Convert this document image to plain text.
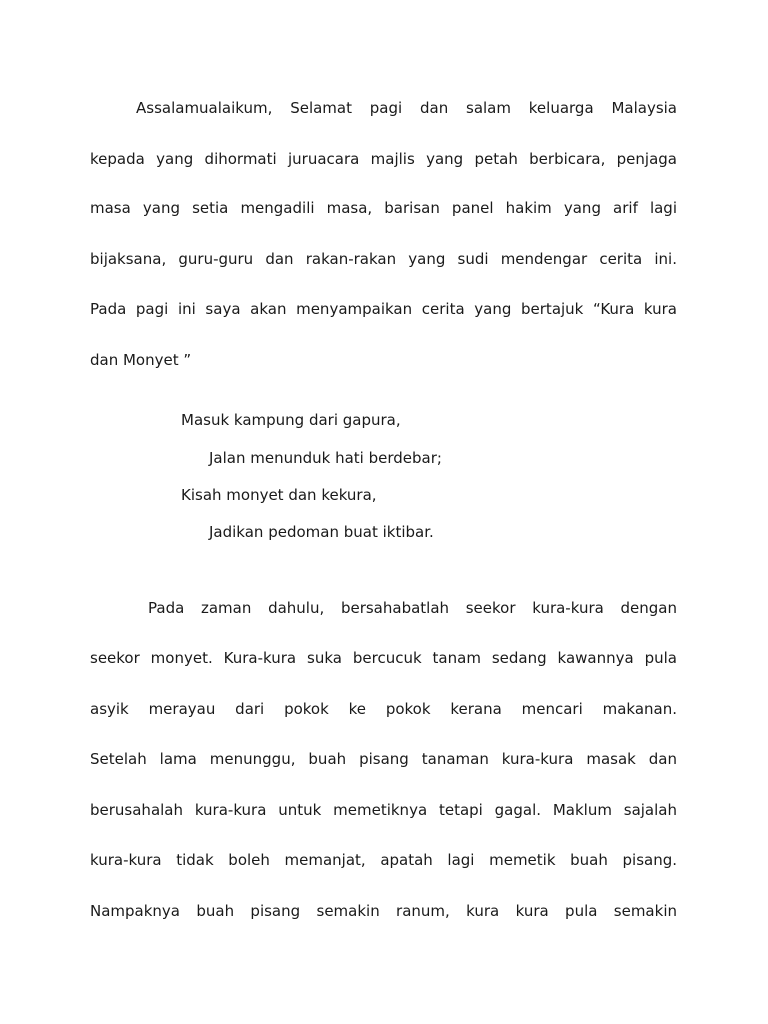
Assalamualaikum, Selamat pagi dan salam keluarga Malaysia
kepada yang dihormati juruacara majlis yang petah berbicara, penjaga
masa yang setia mengadili masa, barisan panel hakim yang arif lagi
bijaksana, guru-guru dan rakan-rakan yang sudi mendengar cerita ini.
Pada pagi ini saya akan menyampaikan cerita yang bertajuk “Kura kura
dan Monyet ”
Masuk kampung dari gapura,
Jalan menunduk hati berdebar;
Kisah monyet dan kekura,
Jadikan pedoman buat iktibar.
Pada zaman dahulu, bersahabatlah seekor kura-kura dengan
seekor monyet. Kura-kura suka bercucuk tanam sedang kawannya pula
asyik merayau dari pokok ke pokok kerana mencari makanan.
Setelah lama menunggu, buah pisang tanaman kura-kura masak dan
berusahalah kura-kura untuk memetiknya tetapi gagal. Maklum sajalah
kura-kura tidak boleh memanjat, apatah lagi memetik buah pisang.
Nampaknya buah pisang semakin ranum, kura kura pula semakin
